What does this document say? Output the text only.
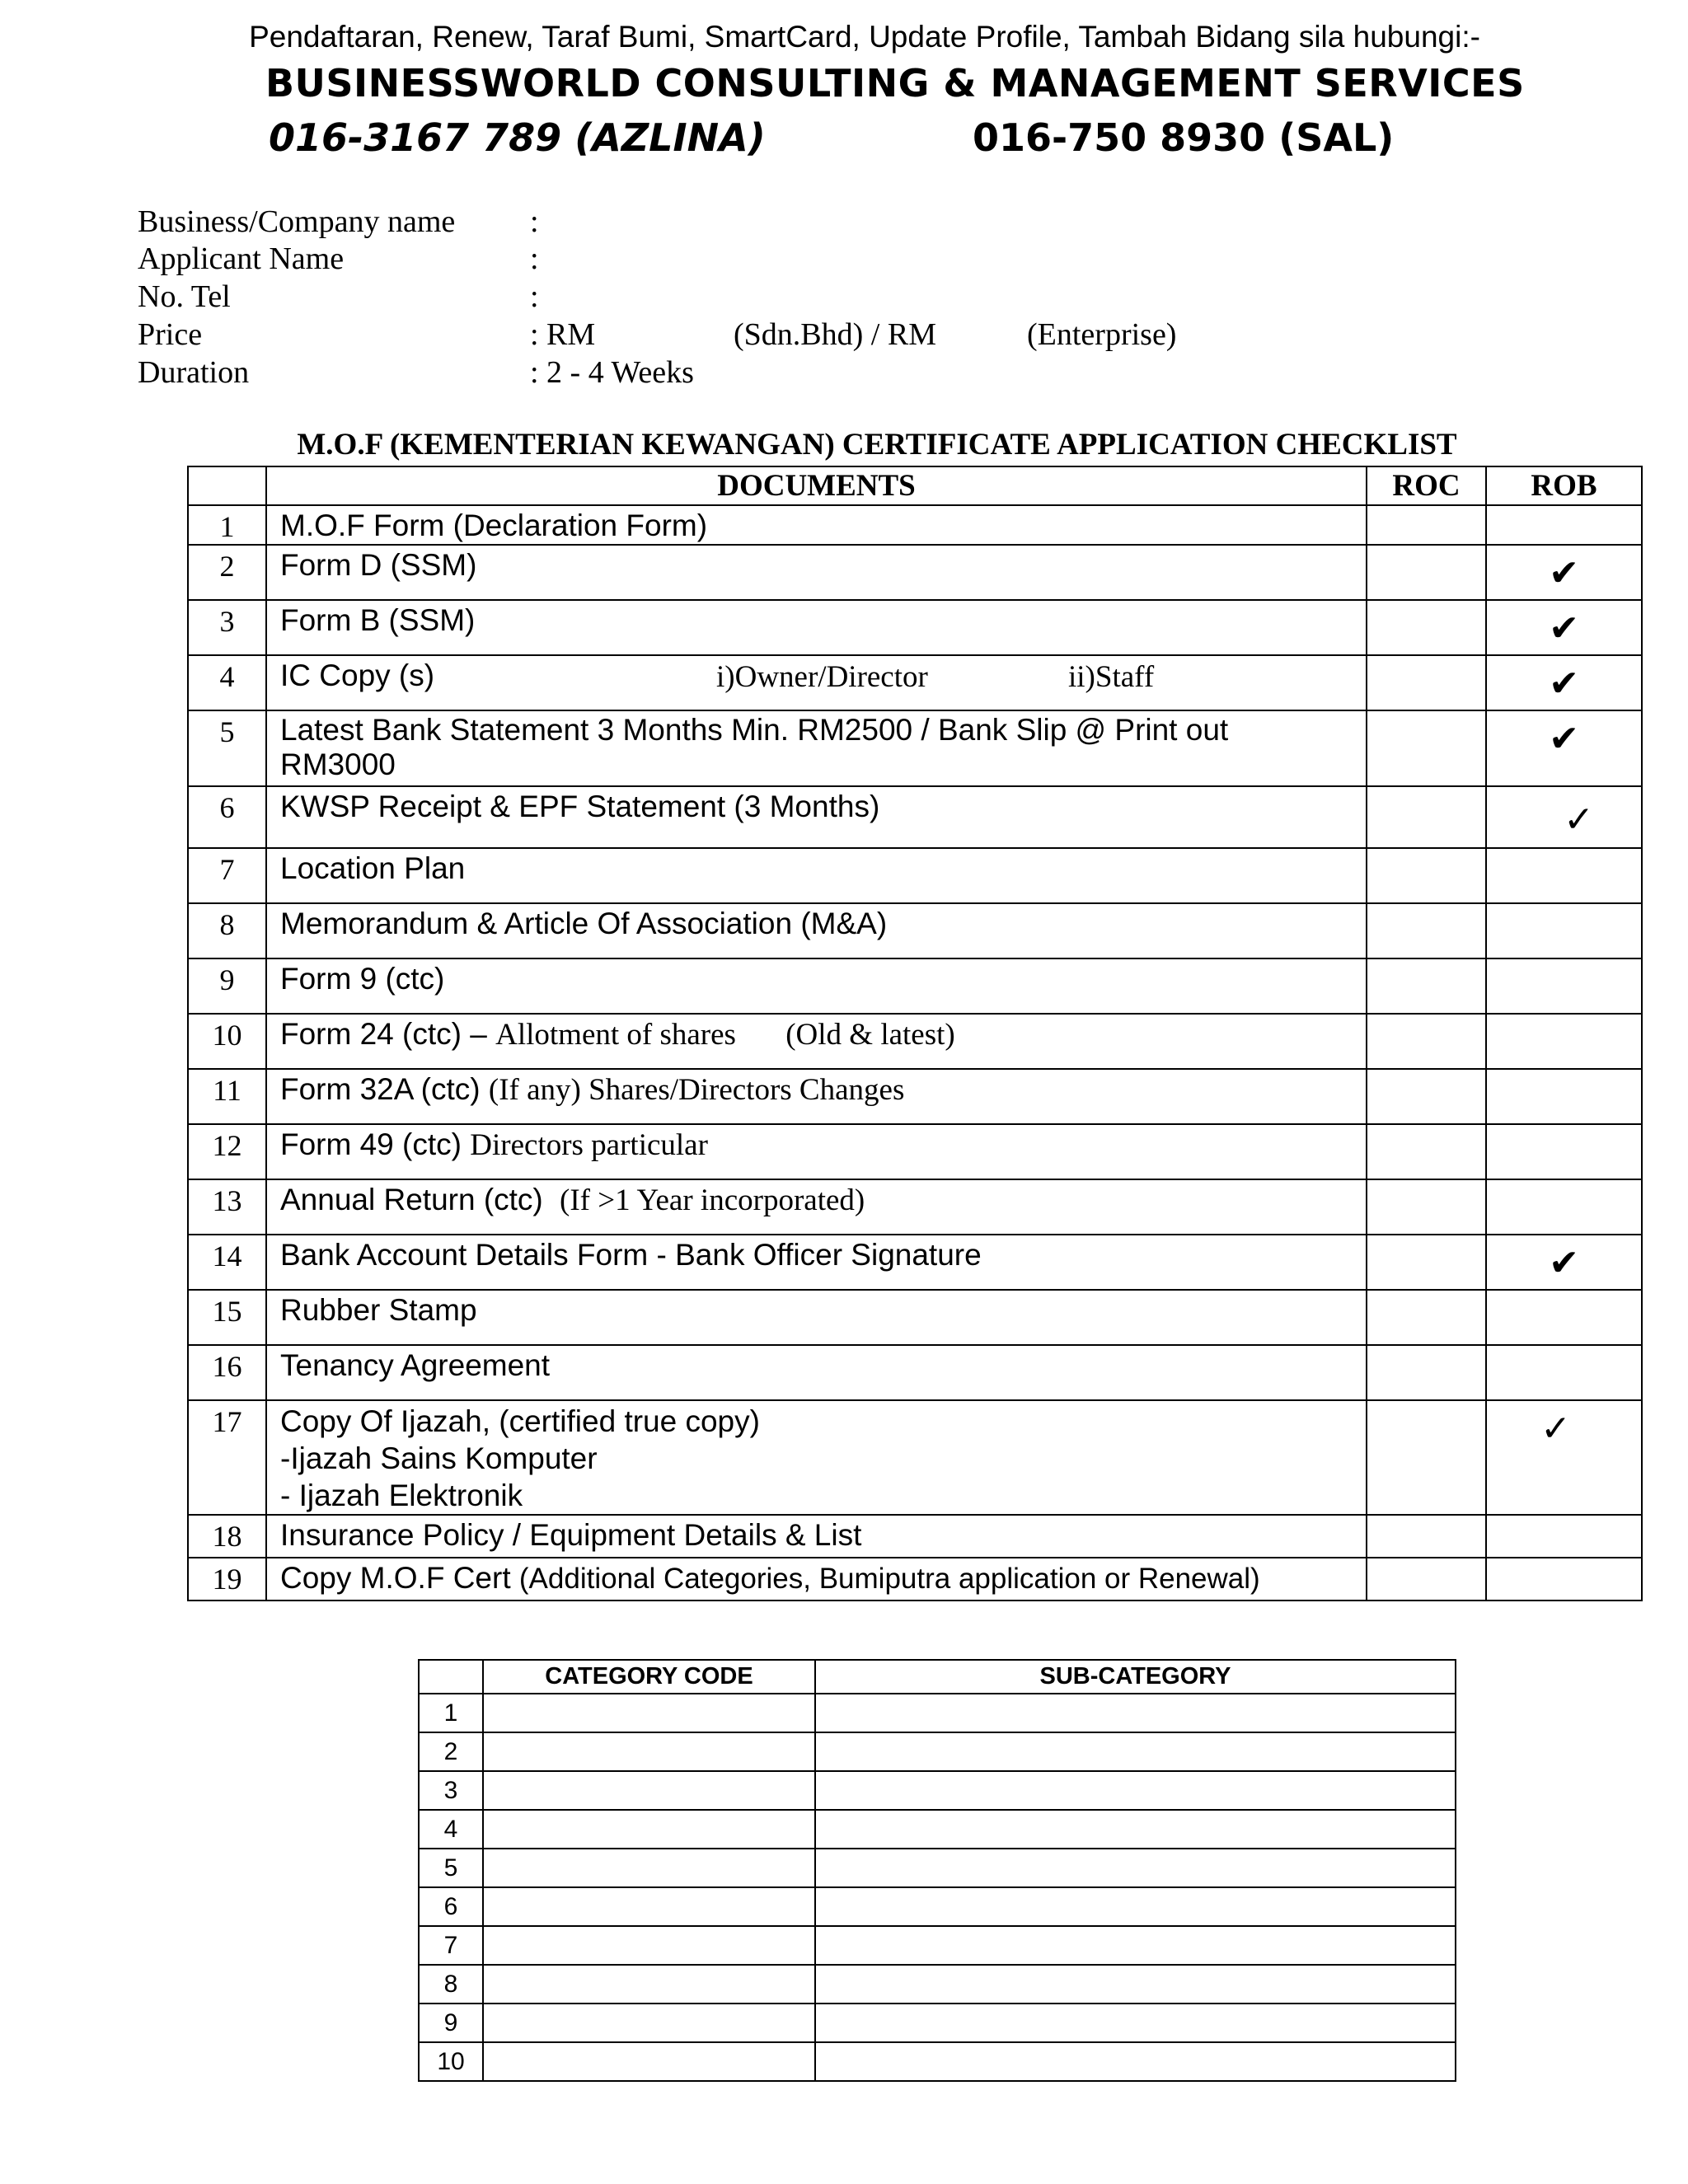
Pendaftaran, Renew, Taraf Bumi, SmartCard, Update Profile, Tambah Bidang sila hubungi:-
BUSINESSWORLD CONSULTING & MANAGEMENT SERVICES
016-3167 789 (AZLINA)	016-750 8930 (SAL)
Business/Company name :
Applicant Name	:
No. Tel	:
Price	: RM	(Sdn.Bhd) / RM	(Enterprise)
Duration	: 2 - 4 Weeks
M.O.F (KEMENTERIAN KEWANGAN) CERTIFICATE APPLICATION CHECKLIST
	DOCUMENTS	ROC	ROB
1	M.O.F Form (Declaration Form)		
2	Form D (SSM)		✔
3	Form B (SSM)		✔
4	IC Copy (s) i)Owner/Director ii)Staff		✔
5	Latest Bank Statement 3 Months Min. RM2500 / Bank Slip @ Print out
RM3000		✔
6	KWSP Receipt & EPF Statement (3 Months)		✓
7	Location Plan		
8	Memorandum & Article Of Association (M&A)		
9	Form 9 (ctc)		
10	Form 24 (ctc) – Allotment of shares (Old & latest)		
11	Form 32A (ctc) (If any) Shares/Directors Changes		
12	Form 49 (ctc) Directors particular		
13	Annual Return (ctc) (If >1 Year incorporated)		
14	Bank Account Details Form - Bank Officer Signature		✔
15	Rubber Stamp		
16	Tenancy Agreement		
17	Copy Of Ijazah, (certified true copy)
-Ijazah Sains Komputer
- Ijazah Elektronik		✓
18	Insurance Policy / Equipment Details & List		
19	Copy M.O.F Cert (Additional Categories, Bumiputra application or Renewal)		
	CATEGORY CODE	SUB-CATEGORY
1		
2		
3		
4		
5		
6		
7		
8		
9		
10		
